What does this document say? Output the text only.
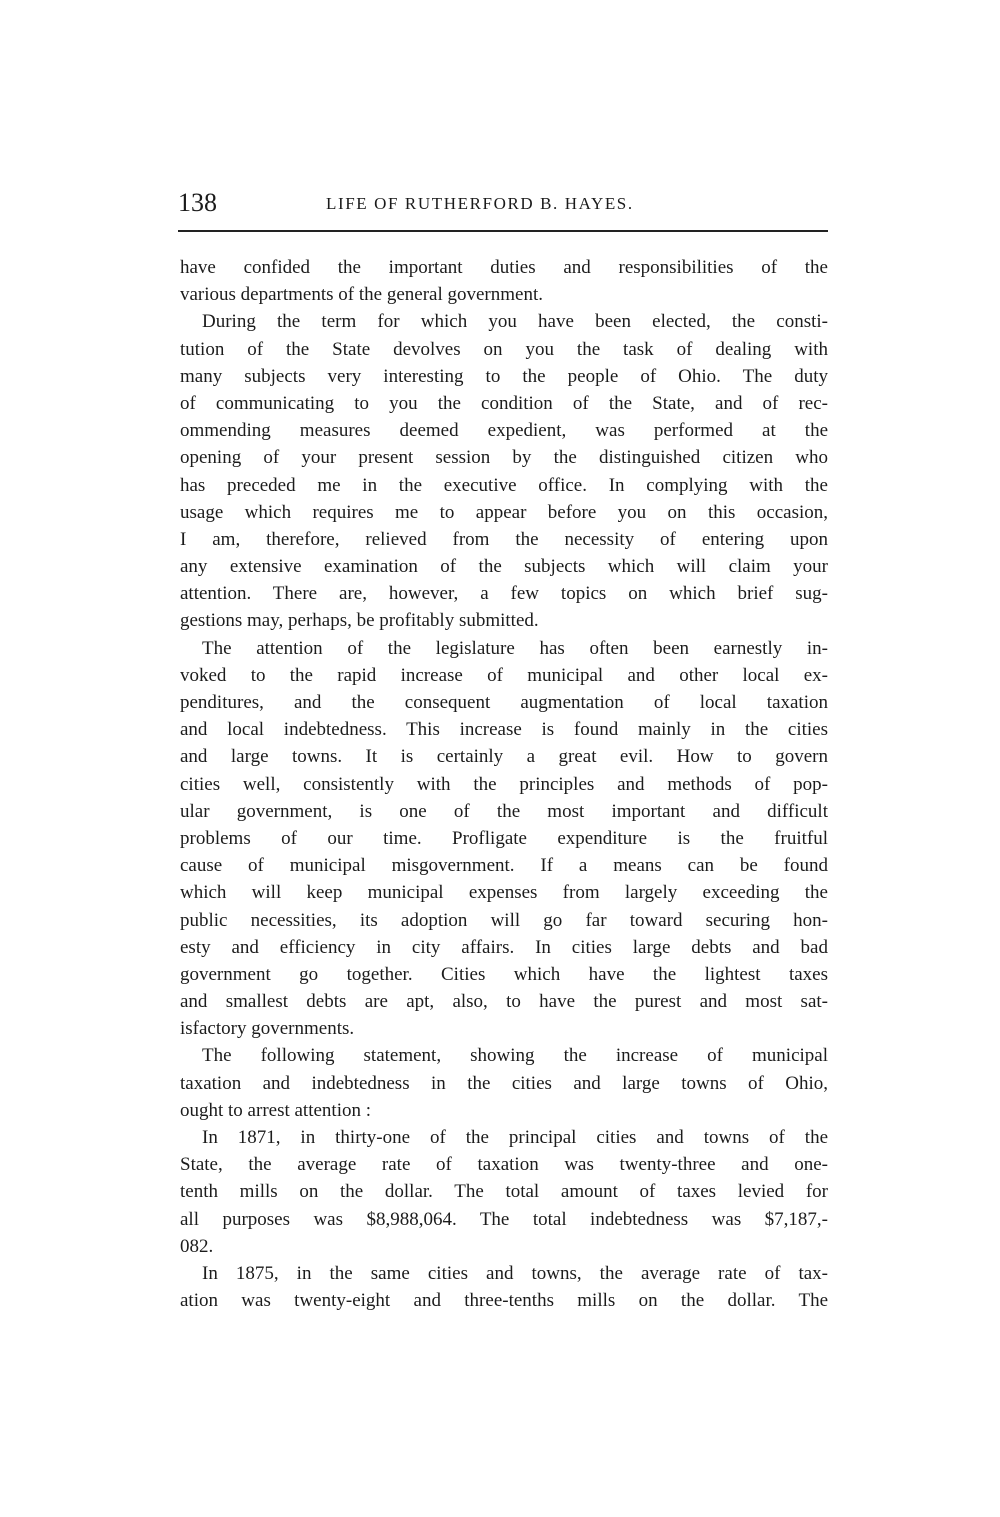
138	LIFE OF RUTHERFORD B. HAYES.
have confided the important duties and responsibilities of the
various departments of the general government.
During the term for which you have been elected, the consti-
tution of the State devolves on you the task of dealing with
many subjects very interesting to the people of Ohio. The duty
of communicating to you the condition of the State, and of rec-
ommending measures deemed expedient, was performed at the
opening of your present session by the distinguished citizen who
has preceded me in the executive office. In complying with the
usage which requires me to appear before you on this occasion,
I am, therefore, relieved from the necessity of entering upon
any extensive examination of the subjects which will claim your
attention. There are, however, a few topics on which brief sug-
gestions may, perhaps, be profitably submitted.
The attention of the legislature has often been earnestly in-
voked to the rapid increase of municipal and other local ex-
penditures, and the consequent augmentation of local taxation
and local indebtedness. This increase is found mainly in the cities
and large towns. It is certainly a great evil. How to govern
cities well, consistently with the principles and methods of pop-
ular government, is one of the most important and difficult
problems of our time. Profligate expenditure is the fruitful
cause of municipal misgovernment. If a means can be found
which will keep municipal expenses from largely exceeding the
public necessities, its adoption will go far toward securing hon-
esty and efficiency in city affairs. In cities large debts and bad
government go together. Cities which have the lightest taxes
and smallest debts are apt, also, to have the purest and most sat-
isfactory governments.
The following statement, showing the increase of municipal
taxation and indebtedness in the cities and large towns of Ohio,
ought to arrest attention :
In 1871, in thirty-one of the principal cities and towns of the
State, the average rate of taxation was twenty-three and one-
tenth mills on the dollar. The total amount of taxes levied for
all purposes was $8,988,064. The total indebtedness was $7,187,-
082.
In 1875, in the same cities and towns, the average rate of tax-
ation was twenty-eight and three-tenths mills on the dollar. The
